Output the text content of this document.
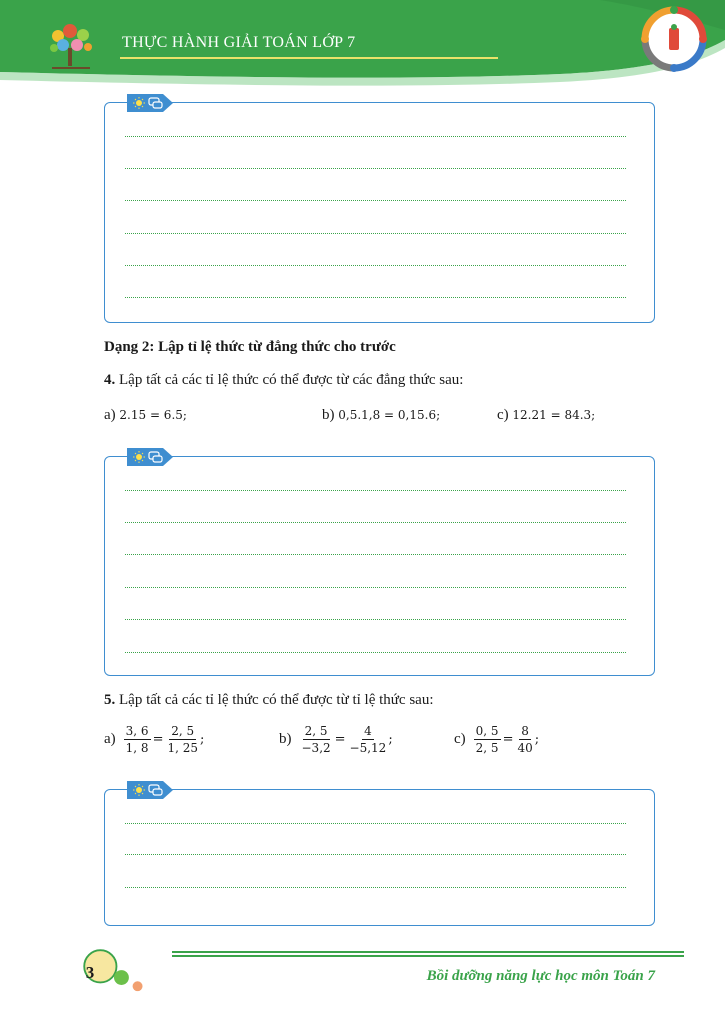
THỰC HÀNH GIẢI TOÁN LỚP 7
Dạng 2: Lập tỉ lệ thức từ đẳng thức cho trước
4. Lập tất cả các tỉ lệ thức có thể được từ các đẳng thức sau:
a) 2.15 = 6.5;	b) 0,5.1,8 = 0,15.6;	c) 12.21 = 84.3;
5. Lập tất cả các tỉ lệ thức có thể được từ tỉ lệ thức sau:
$a) \frac{3, 6}{1, 8} = \frac{2, 5}{1, 25}$ ;	$b) \frac{2, 5}{-3,2} = \frac{4}{-5,12}$ ;	$c) \frac{0, 5}{2, 5} = \frac{8}{40}$ ;
3	Bồi dưỡng năng lực học môn Toán 7
